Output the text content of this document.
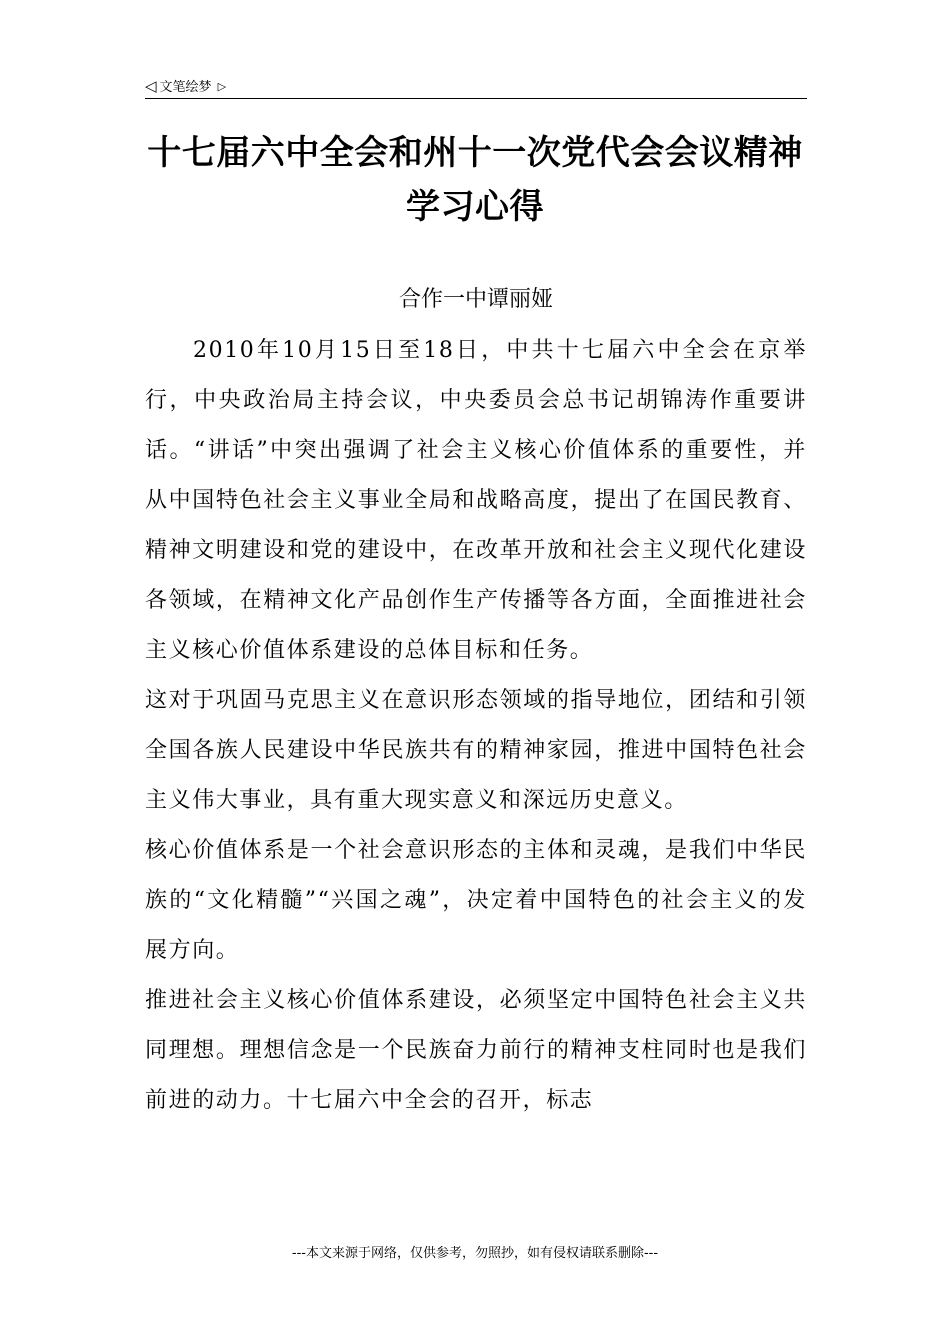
◁ 文笔绘梦 ▷
十七届六中全会和州十一次党代会会议精神
学习心得
合作一中谭丽娅

2010年10月15日至18日，中共十七届六中全会在京举行，中央政治局主持会议，中央委员会总书记胡锦涛作重要讲话。“讲话”中突出强调了社会主义核心价值体系的重要性，并从中国特色社会主义事业全局和战略高度，提出了在国民教育、精神文明建设和党的建设中，在改革开放和社会主义现代化建设各领域，在精神文化产品创作生产传播等各方面，全面推进社会主义核心价值体系建设的总体目标和任务。

这对于巩固马克思主义在意识形态领域的指导地位，团结和引领全国各族人民建设中华民族共有的精神家园，推进中国特色社会主义伟大事业，具有重大现实意义和深远历史意义。

核心价值体系是一个社会意识形态的主体和灵魂，是我们中华民族的“文化精髓”“兴国之魂”，决定着中国特色的社会主义的发展方向。

推进社会主义核心价值体系建设，必须坚定中国特色社会主义共同理想。理想信念是一个民族奋力前行的精神支柱同时也是我们前进的动力。十七届六中全会的召开，标志

---本文来源于网络，仅供参考，勿照抄，如有侵权请联系删除---
